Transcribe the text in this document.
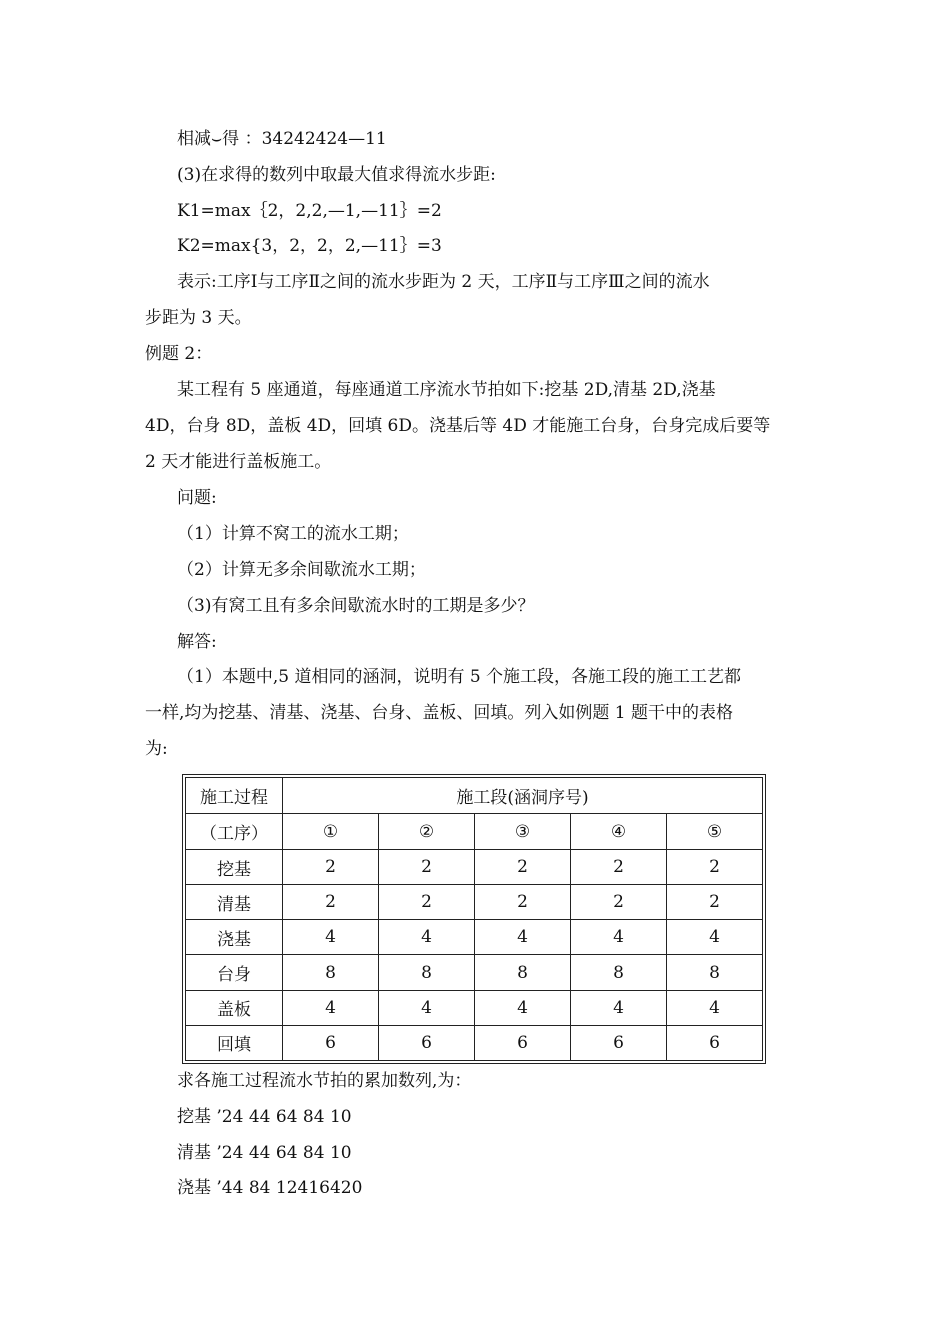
相减⌣得 ：34242424—11
(3)在求得的数列中取最大值求得流水步距:
K1=max｛2，2,2,—1,—11｝=2
K2=max{3，2，2，2,—11｝=3
表示:工序Ⅰ与工序Ⅱ之间的流水步距为 2 天，工序Ⅱ与工序Ⅲ之间的流水
步距为 3 天。
例题 2：
某工程有 5 座通道，每座通道工序流水节拍如下:挖基 2D,清基 2D,浇基
4D，台身 8D，盖板 4D，回填 6D。浇基后等 4D 才能施工台身，台身完成后要等
2 天才能进行盖板施工。
问题:
（1）计算不窝工的流水工期；
（2）计算无多余间歇流水工期；
（3)有窝工且有多余间歇流水时的工期是多少？
解答:
（1）本题中,5 道相同的涵洞，说明有 5 个施工段，各施工段的施工工艺都
一样,均为挖基、清基、浇基、台身、盖板、回填。列入如例题 1 题干中的表格
为:
施工过程	施工段(涵洞序号)				
（工序）	①	②	③	④	⑤
挖基	2	2	2	2	2
清基	2	2	2	2	2
浇基	4	4	4	4	4
台身	8	8	8	8	8
盖板	4	4	4	4	4
回填	6	6	6	6	6
求各施工过程流水节拍的累加数列,为：
挖基 ’24 44 64 84 10
清基 ’24 44 64 84 10
浇基 ’44 84 12416420
